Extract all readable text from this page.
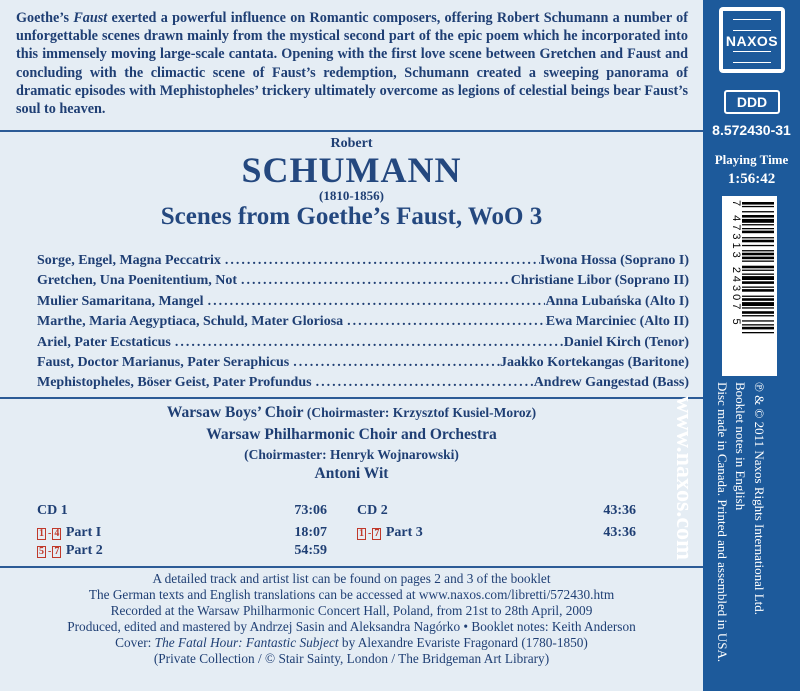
Goethe’s Faust exerted a powerful influence on Romantic composers, offering Robert Schumann a number of unforgettable scenes drawn mainly from the mystical second part of the epic poem which he incorporated into this immensely moving large-scale cantata. Opening with the first love scene between Gretchen and Faust and concluding with the climactic scene of Faust’s redemption, Schumann created a sweeping panorama of dramatic episodes with Mephistopheles’ trickery ultimately overcome as legions of celestial beings bear Faust’s soul to heaven.
Robert
SCHUMANN
(1810-1856)
Scenes from Goethe’s Faust, WoO 3
Sorge, Engel, Magna Peccatrix .....	Iwona Hossa (Soprano I)
Gretchen, Una Poenitentium, Not .....	Christiane Libor (Soprano II)
Mulier Samaritana, Mangel .....	Anna Lubańska (Alto I)
Marthe, Maria Aegyptiaca, Schuld, Mater Gloriosa .....	Ewa Marciniec (Alto II)
Ariel, Pater Ecstaticus .....	Daniel Kirch (Tenor)
Faust, Doctor Marianus, Pater Seraphicus .....	Jaakko Kortekangas (Baritone)
Mephistopheles, Böser Geist, Pater Profundus .....	Andrew Gangestad (Bass)
Warsaw Boys’ Choir (Choirmaster: Krzysztof Kusiel-Moroz)
Warsaw Philharmonic Choir and Orchestra
(Choirmaster: Henryk Wojnarowski)
Antoni Wit
CD 1	73:06
1 - 4 Part I	18:07
5 - 7 Part 2	54:59
CD 2	43:36
1 - 7 Part 3	43:36
A detailed track and artist list can be found on pages 2 and 3 of the booklet
The German texts and English translations can be accessed at www.naxos.com/libretti/572430.htm
Recorded at the Warsaw Philharmonic Concert Hall, Poland, from 21st to 28th April, 2009
Produced, edited and mastered by Andrzej Sasin and Aleksandra Nagórko • Booklet notes: Keith Anderson
Cover: The Fatal Hour: Fantastic Subject by Alexandre Evariste Fragonard (1780-1850)
(Private Collection / © Stair Sainty, London / The Bridgeman Art Library)
NAXOS
DDD
8.572430-31
Playing Time
1:56:42
7 47313 24307 5
℗ & © 2011 Naxos Rights International Ltd.
Booklet notes in English
Disc made in Canada. Printed and assembled in USA.
www.naxos.com
